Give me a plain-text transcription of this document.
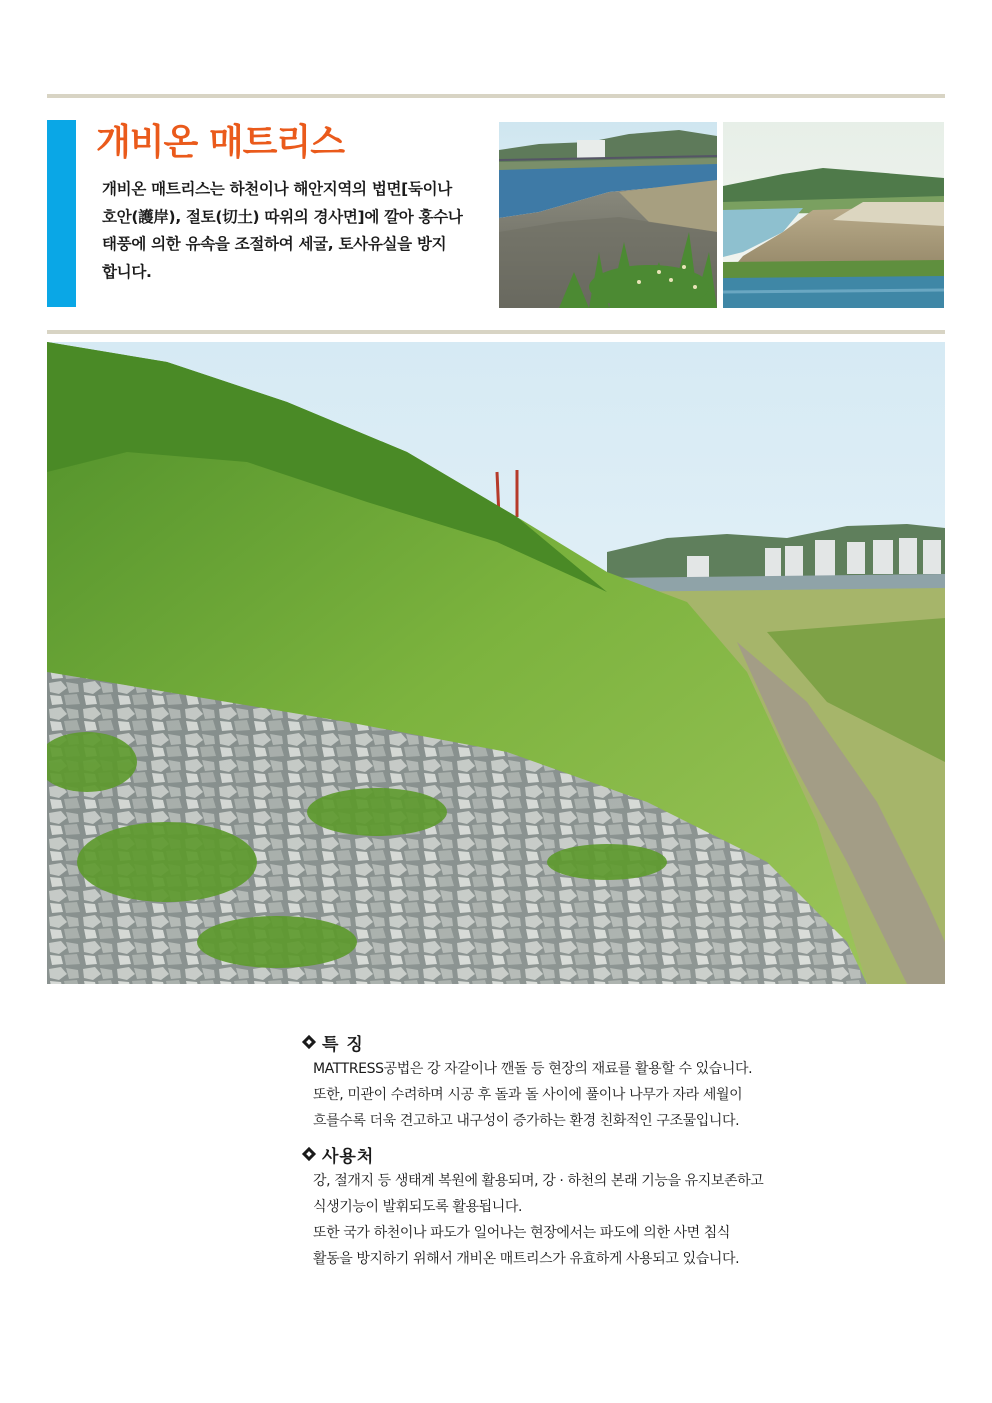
개비온 매트리스
개비온 매트리스는 하천이나 해안지역의 법면[둑이나
호안(護岸), 절토(切土) 따위의 경사면]에 깔아 홍수나
태풍에 의한 유속을 조절하여 세굴, 토사유실을 방지
합니다.
특 징

MATTRESS공법은 강 자갈이나 깬돌 등 현장의 재료를 활용할 수 있습니다.

또한, 미관이 수려하며 시공 후 돌과 돌 사이에 풀이나 나무가 자라 세월이

흐를수록 더욱 견고하고 내구성이 증가하는 환경 친화적인 구조물입니다.

사용처

강, 절개지 등 생태계 복원에 활용되며, 강 · 하천의 본래 기능을 유지보존하고

식생기능이 발휘되도록 활용됩니다.

또한 국가 하천이나 파도가 일어나는 현장에서는 파도에 의한 사면 침식

활동을 방지하기 위해서 개비온 매트리스가 유효하게 사용되고 있습니다.
